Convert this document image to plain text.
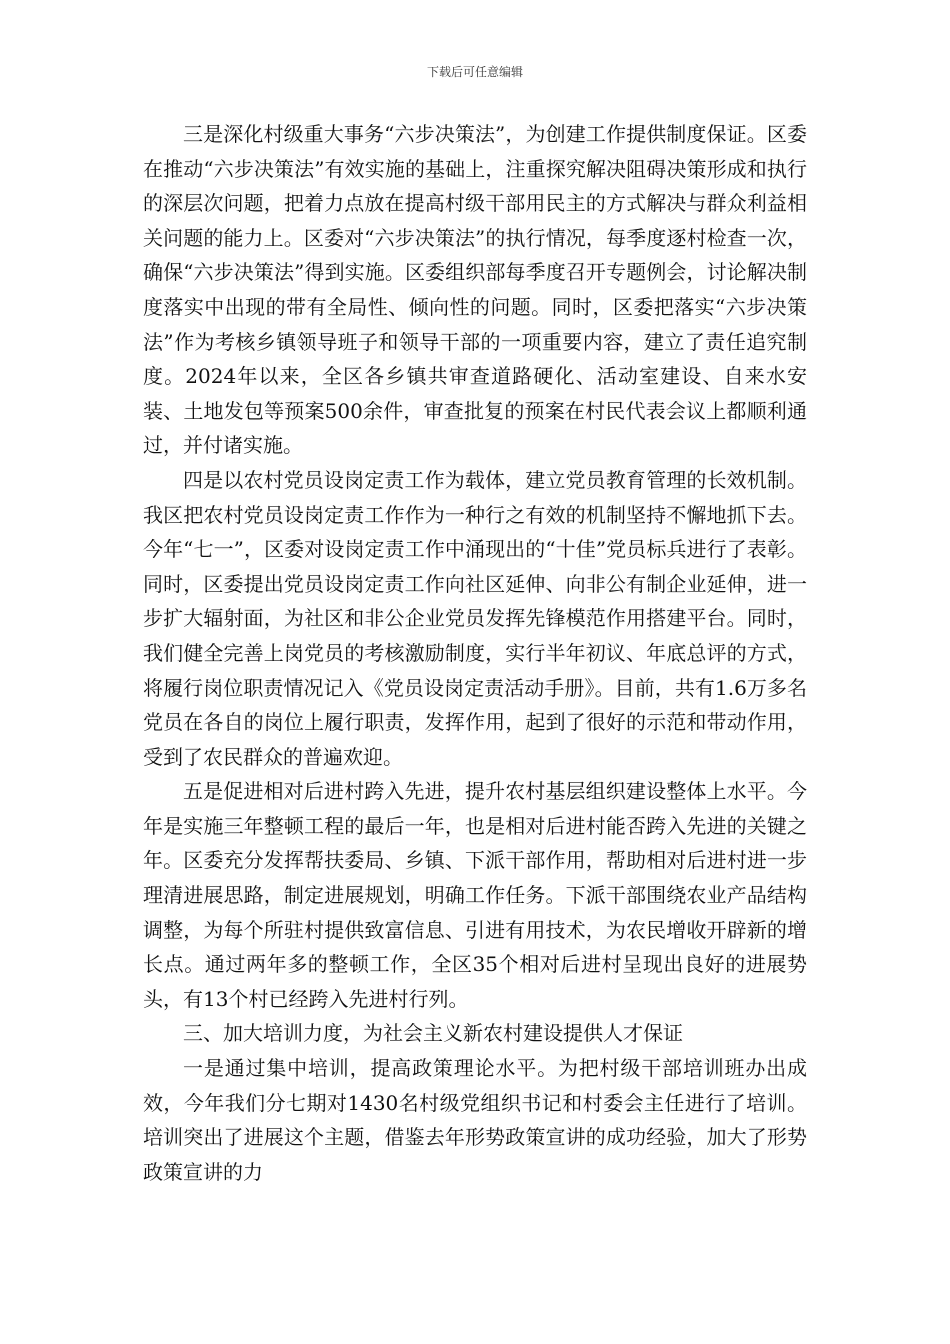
下载后可任意编辑

三是深化村级重大事务“六步决策法”，为创建工作提供制度保证。区委在推动“六步决策法”有效实施的基础上，注重探究解决阻碍决策形成和执行的深层次问题，把着力点放在提高村级干部用民主的方式解决与群众利益相关问题的能力上。区委对“六步决策法”的执行情况，每季度逐村检查一次，确保“六步决策法”得到实施。区委组织部每季度召开专题例会，讨论解决制度落实中出现的带有全局性、倾向性的问题。同时，区委把落实“六步决策法”作为考核乡镇领导班子和领导干部的一项重要内容，建立了责任追究制度。2024年以来，全区各乡镇共审查道路硬化、活动室建设、自来水安装、土地发包等预案500余件，审查批复的预案在村民代表会议上都顺利通过，并付诸实施。

四是以农村党员设岗定责工作为载体，建立党员教育管理的长效机制。我区把农村党员设岗定责工作作为一种行之有效的机制坚持不懈地抓下去。今年“七一”，区委对设岗定责工作中涌现出的“十佳”党员标兵进行了表彰。同时，区委提出党员设岗定责工作向社区延伸、向非公有制企业延伸，进一步扩大辐射面，为社区和非公企业党员发挥先锋模范作用搭建平台。同时，我们健全完善上岗党员的考核激励制度，实行半年初议、年底总评的方式，将履行岗位职责情况记入《党员设岗定责活动手册》。目前，共有1.6万多名党员在各自的岗位上履行职责，发挥作用，起到了很好的示范和带动作用，受到了农民群众的普遍欢迎。

五是促进相对后进村跨入先进，提升农村基层组织建设整体上水平。今年是实施三年整顿工程的最后一年，也是相对后进村能否跨入先进的关键之年。区委充分发挥帮扶委局、乡镇、下派干部作用，帮助相对后进村进一步理清进展思路，制定进展规划，明确工作任务。下派干部围绕农业产品结构调整，为每个所驻村提供致富信息、引进有用技术，为农民增收开辟新的增长点。通过两年多的整顿工作，全区35个相对后进村呈现出良好的进展势头，有13个村已经跨入先进村行列。

三、加大培训力度，为社会主义新农村建设提供人才保证

一是通过集中培训，提高政策理论水平。为把村级干部培训班办出成效，今年我们分七期对1430名村级党组织书记和村委会主任进行了培训。培训突出了进展这个主题，借鉴去年形势政策宣讲的成功经验，加大了形势政策宣讲的力
